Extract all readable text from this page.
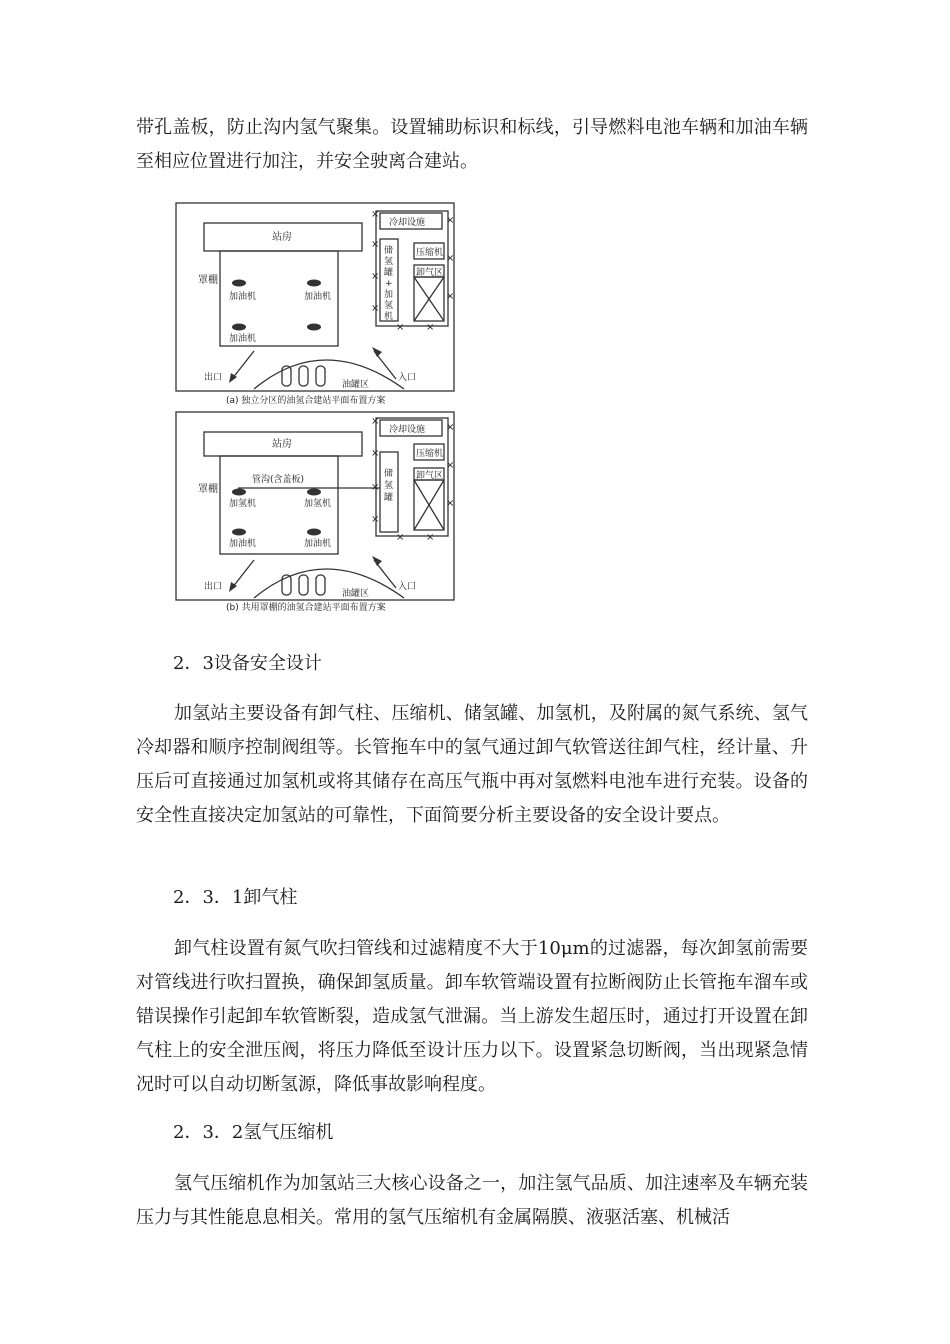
带孔盖板，防止沟内氢气聚集。设置辅助标识和标线，引导燃料电池车辆和加油车辆至相应位置进行加注，并安全驶离合建站。

×
×
×
×
×
×
×
× ×
站房
罩棚
加油机	加油机
加油机
冷却设施
压缩机
卸气区
储
氢
罐
+
加
氢
机
出口	入口
油罐区
(a) 独立分区的油氢合建站平面布置方案
×
×
×
×
×
×
×
× ×
站房
罩棚
管沟(含盖板)
加氢机	加氢机
加油机	加油机
冷却设施
压缩机
卸气区
储
氢
罐
出口	入口
油罐区
(b) 共用罩棚的油氢合建站平面布置方案

2．3设备安全设计

加氢站主要设备有卸气柱、压缩机、储氢罐、加氢机，及附属的氮气系统、氢气冷却器和顺序控制阀组等。长管拖车中的氢气通过卸气软管送往卸气柱，经计量、升压后可直接通过加氢机或将其储存在高压气瓶中再对氢燃料电池车进行充装。设备的安全性直接决定加氢站的可靠性，下面简要分析主要设备的安全设计要点。

2．3．1卸气柱

卸气柱设置有氮气吹扫管线和过滤精度不大于10μm的过滤器，每次卸氢前需要对管线进行吹扫置换，确保卸氢质量。卸车软管端设置有拉断阀防止长管拖车溜车或错误操作引起卸车软管断裂，造成氢气泄漏。当上游发生超压时，通过打开设置在卸气柱上的安全泄压阀，将压力降低至设计压力以下。设置紧急切断阀，当出现紧急情况时可以自动切断氢源，降低事故影响程度。

2．3．2氢气压缩机

氢气压缩机作为加氢站三大核心设备之一，加注氢气品质、加注速率及车辆充装压力与其性能息息相关。常用的氢气压缩机有金属隔膜、液驱活塞、机械活
